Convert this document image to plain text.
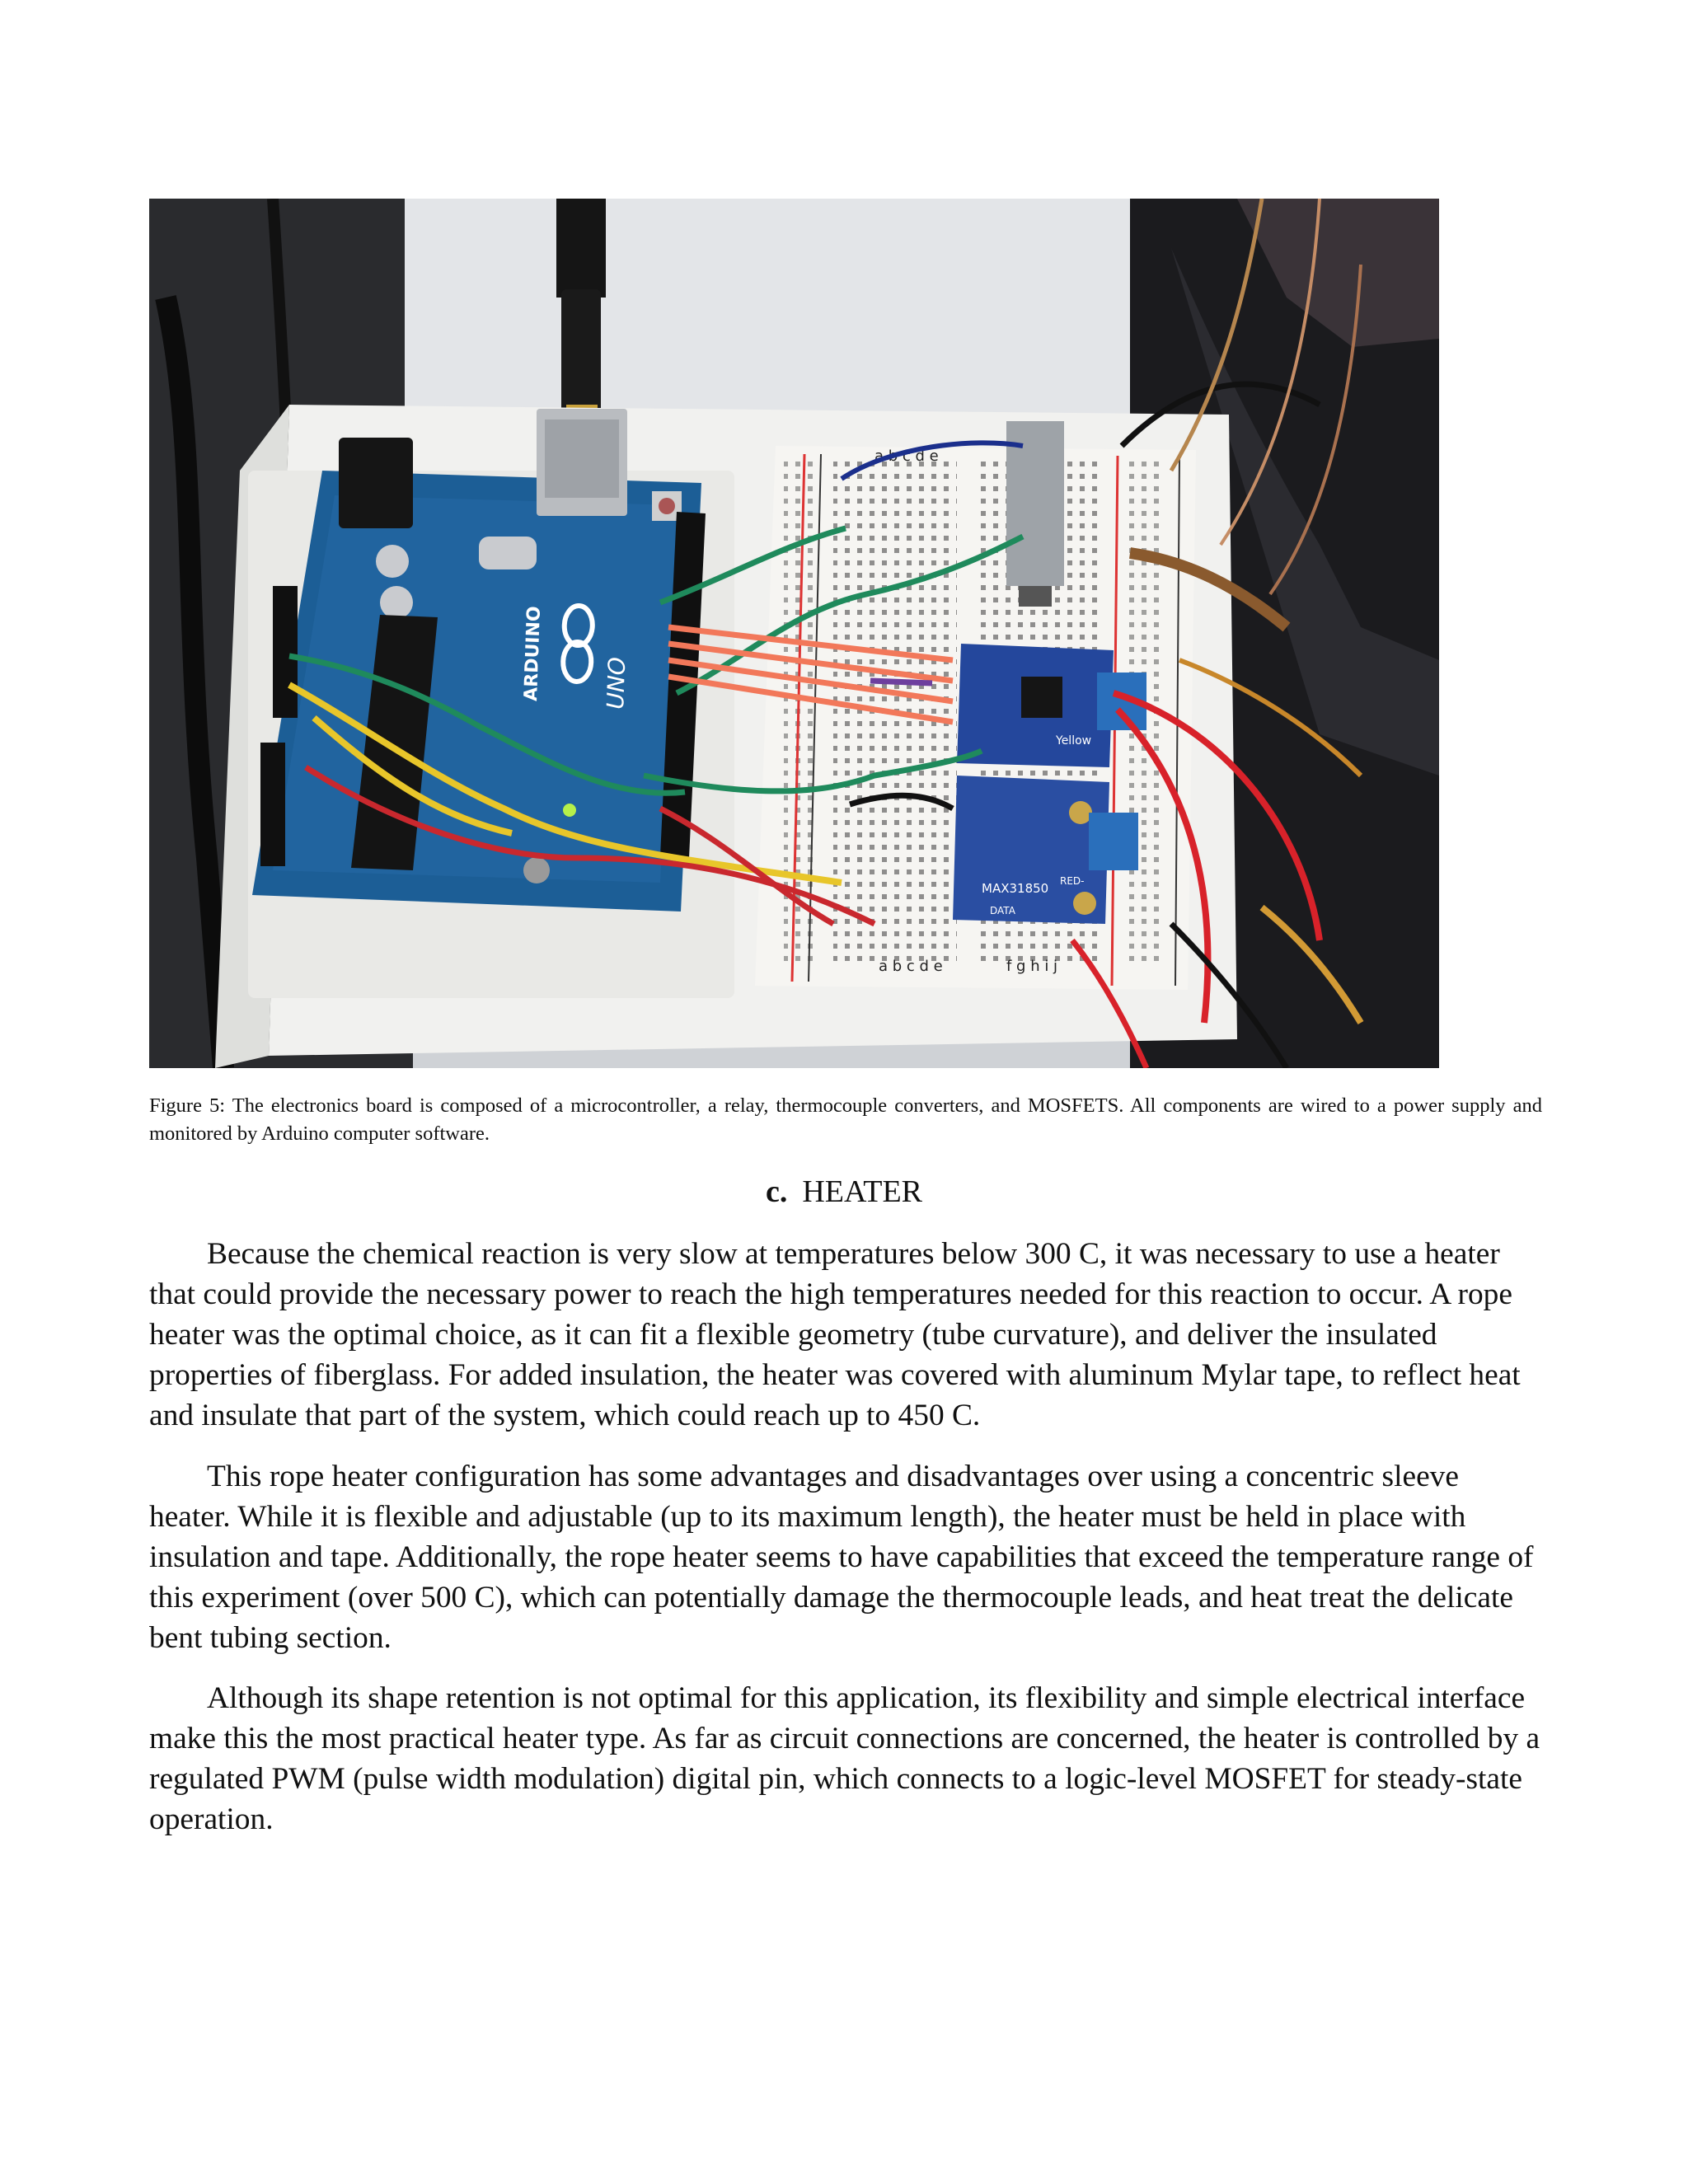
ARDUINO UNO
a b c d e
a b c d e	f g h i j
Yellow
MAX31850
DATA
RED-
Figure 5: The electronics board is composed of a microcontroller, a relay, thermocouple converters, and MOSFETS. All components are wired to a power supply and monitored by Arduino computer software.
c. HEATER

Because the chemical reaction is very slow at temperatures below 300 C, it was necessary to use a heater that could provide the necessary power to reach the high temperatures needed for this reaction to occur. A rope heater was the optimal choice, as it can fit a flexible geometry (tube curvature), and deliver the insulated properties of fiberglass. For added insulation, the heater was covered with aluminum Mylar tape, to reflect heat and insulate that part of the system, which could reach up to 450 C.

This rope heater configuration has some advantages and disadvantages over using a concentric sleeve heater. While it is flexible and adjustable (up to its maximum length), the heater must be held in place with insulation and tape. Additionally, the rope heater seems to have capabilities that exceed the temperature range of this experiment (over 500 C), which can potentially damage the thermocouple leads, and heat treat the delicate bent tubing section.

Although its shape retention is not optimal for this application, its flexibility and simple electrical interface make this the most practical heater type. As far as circuit connections are concerned, the heater is controlled by a regulated PWM (pulse width modulation) digital pin, which connects to a logic-level MOSFET for steady-state operation.
